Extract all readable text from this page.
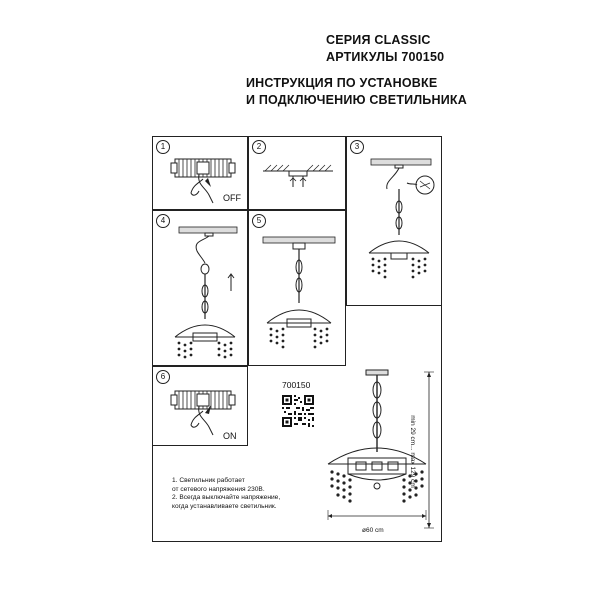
СЕРИЯ CLASSIC
АРТИКУЛЫ 700150
ИНСТРУКЦИЯ ПО УСТАНОВКЕ
И ПОДКЛЮЧЕНИЮ СВЕТИЛЬНИКА
1
OFF
2	3
4	5
6
ON
700150
1. Светильник работает
от сетевого напряжения 230В.
2. Всегда выключайте напряжение,
когда устанавливаете светильник.
ø60 cm
min 29 cm... max 129 cm
